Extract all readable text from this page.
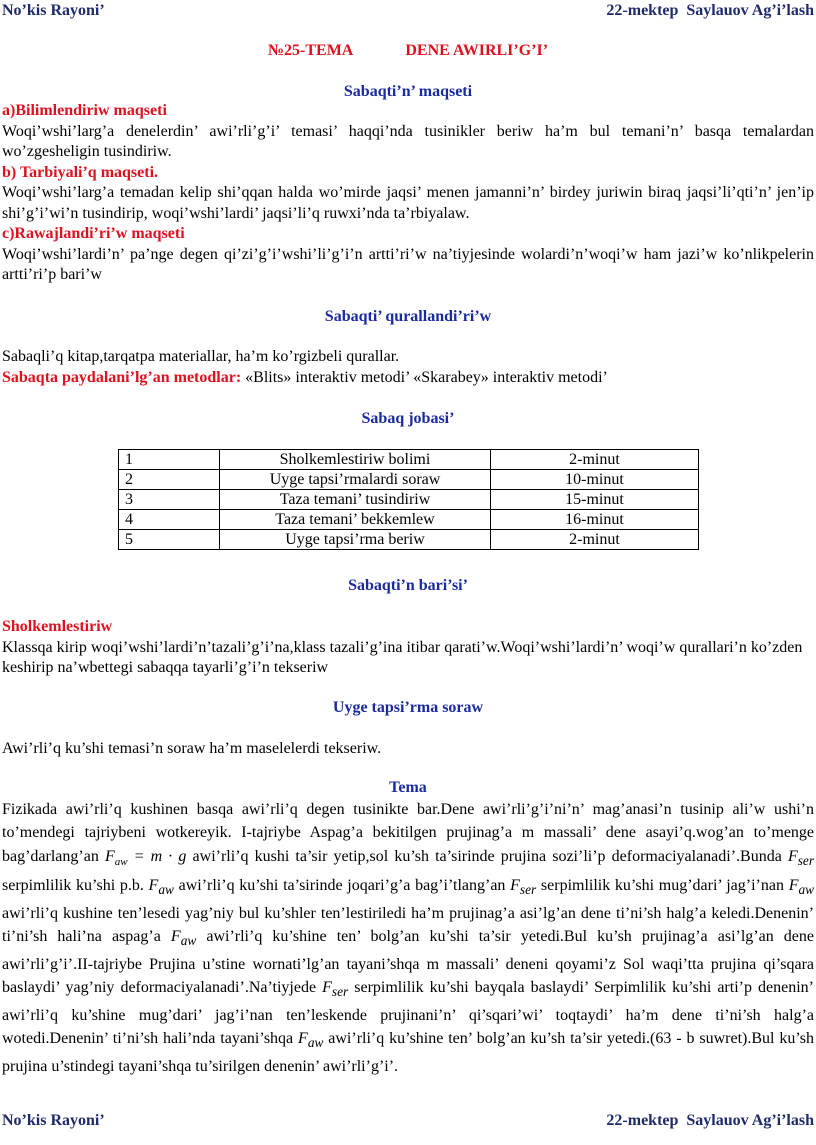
No’kis Rayoni’	22-mektep  Saylauov Ag’i’lash
№25-TEMA	DENE AWIRLI’G’I’
Sabaqti’n’ maqseti
a)Bilimlendiriw maqseti
Woqi’wshi’larg’a denelerdin’ awi’rli’g’i’ temasi’ haqqi’nda tusinikler beriw ha’m bul temani’n’ basqa temalardan wo’zgesheligin tusindiriw.
b) Tarbiyali’q maqseti.
Woqi’wshi’larg’a temadan kelip shi’qqan halda wo’mirde jaqsi’ menen jamanni’n’ birdey juriwin biraq jaqsi’li’qti’n’ jen’ip shi’g’i’wi’n tusindirip, woqi’wshi’lardi’ jaqsi’li’q ruwxi’nda ta’rbiyalaw.
c)Rawajlandi’ri’w maqseti
Woqi’wshi’lardi’n’ pa’nge degen qi’zi’g’i’wshi’li’g’i’n artti’ri’w na’tiyjesinde wolardi’n’woqi’w ham jazi’w ko’nlikpelerin artti’ri’p bari’w
Sabaqti’ qurallandi’ri’w
Sabaqli’q kitap,tarqatpa materiallar, ha’m ko’rgizbeli qurallar.
Sabaqta paydalani’lg’an metodlar: «Blits» interaktiv metodi’ «Skarabey» interaktiv metodi’
Sabaq jobasi’
1	Sholkemlestiriw bolimi	2-minut
2	Uyge tapsi’rmalardi soraw	10-minut
3	Taza temani’ tusindiriw	15-minut
4	Taza temani’ bekkemlew	16-minut
5	Uyge tapsi’rma beriw	2-minut
Sabaqti’n bari’si’
Sholkemlestiriw
Klassqa kirip woqi’wshi’lardi’n’tazali’g’i’na,klass tazali’g’ina itibar qarati’w.Woqi’wshi’lardi’n’ woqi’w qurallari’n ko’zden keshirip na’wbettegi sabaqqa tayarli’g’i’n tekseriw
Uyge tapsi’rma soraw
Awi’rli’q ku’shi temasi’n soraw ha’m maselelerdi tekseriw.
Tema
Fizikada awi’rli’q kushinen basqa awi’rli’q degen tusinikte bar.Dene awi’rli’g’i’ni’n’ mag’anasi’n tusinip ali’w ushi’n to’mendegi tajriybeni wotkereyik. I-tajriybe Aspag’a bekitilgen prujinag’a m massali’ dene asayi’q.wog’an to’menge bag’darlang’an $F_{aw} = m \cdot g$ awi’rli’q kushi ta’sir yetip,sol ku’sh ta’sirinde prujina sozi’li’p deformaciyalanadi’.Bunda $F_{ser}$ serpimlilik ku’shi p.b. $F_{aw}$ awi’rli’q ku’shi ta’sirinde joqari’g’a bag’i’tlang’an $F_{ser}$ serpimlilik ku’shi mug’dari’ jag’i’nan $F_{aw}$ awi’rli’q kushine ten’lesedi yag’niy bul ku’shler ten’lestiriledi ha’m prujinag’a asi’lg’an dene ti’ni’sh halg’a keledi.Denenin’ ti’ni’sh hali’na aspag’a $F_{aw}$ awi’rli’q ku’shine ten’ bolg’an ku’shi ta’sir yetedi.Bul ku’sh prujinag’a asi’lg’an dene awi’rli’g’i’.II-tajriybe Prujina u’stine wornati’lg’an tayani’shqa m massali’ deneni qoyami’z Sol waqi’tta prujina qi’sqara baslaydi’ yag’niy deformaciyalanadi’.Na’tiyjede $F_{ser}$ serpimlilik ku’shi bayqala baslaydi’ Serpimlilik ku’shi arti’p denenin’ awi’rli’q ku’shine mug’dari’ jag’i’nan ten’leskende prujinani’n’ qi’sqari’wi’ toqtaydi’ ha’m dene ti’ni’sh halg’a wotedi.Denenin’ ti’ni’sh hali’nda tayani’shqa $F_{aw}$ awi’rli’q ku’shine ten’ bolg’an ku’sh ta’sir yetedi.(63 - b suwret).Bul ku’sh prujina u’stindegi tayani’shqa tu’sirilgen denenin’ awi’rli’g’i’.
No’kis Rayoni’	22-mektep  Saylauov Ag’i’lash
